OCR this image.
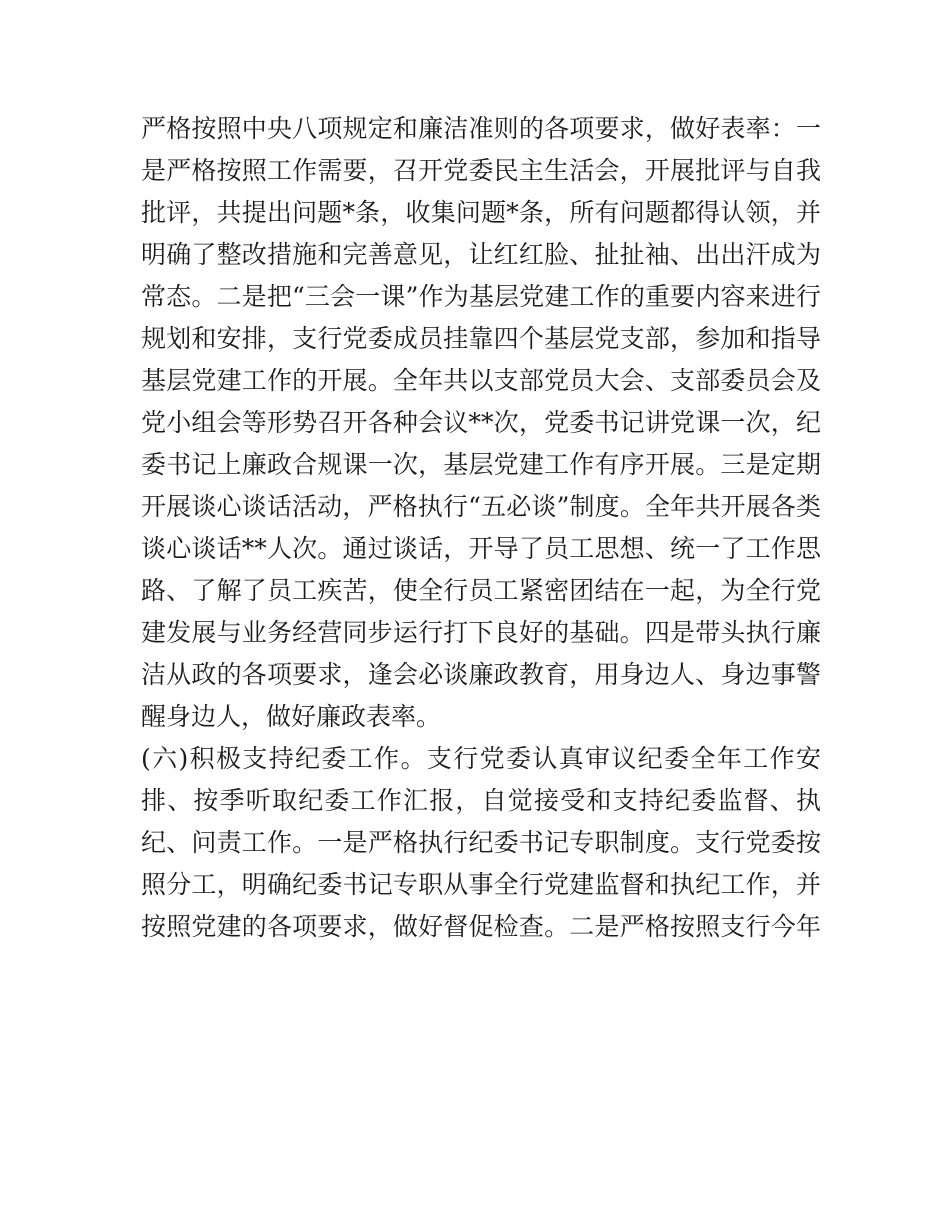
严格按照中央八项规定和廉洁准则的各项要求，做好表率：一
是严格按照工作需要，召开党委民主生活会，开展批评与自我
批评，共提出问题*条，收集问题*条，所有问题都得认领，并
明确了整改措施和完善意见，让红红脸、扯扯袖、出出汗成为
常态。二是把“三会一课”作为基层党建工作的重要内容来进行
规划和安排，支行党委成员挂靠四个基层党支部，参加和指导
基层党建工作的开展。全年共以支部党员大会、支部委员会及
党小组会等形势召开各种会议**次，党委书记讲党课一次，纪
委书记上廉政合规课一次，基层党建工作有序开展。三是定期
开展谈心谈话活动，严格执行“五必谈”制度。全年共开展各类
谈心谈话**人次。通过谈话，开导了员工思想、统一了工作思
路、了解了员工疾苦，使全行员工紧密团结在一起，为全行党
建发展与业务经营同步运行打下良好的基础。四是带头执行廉
洁从政的各项要求，逢会必谈廉政教育，用身边人、身边事警
醒身边人，做好廉政表率。
(六)积极支持纪委工作。支行党委认真审议纪委全年工作安
排、按季听取纪委工作汇报，自觉接受和支持纪委监督、执
纪、问责工作。一是严格执行纪委书记专职制度。支行党委按
照分工，明确纪委书记专职从事全行党建监督和执纪工作，并
按照党建的各项要求，做好督促检查。二是严格按照支行今年
